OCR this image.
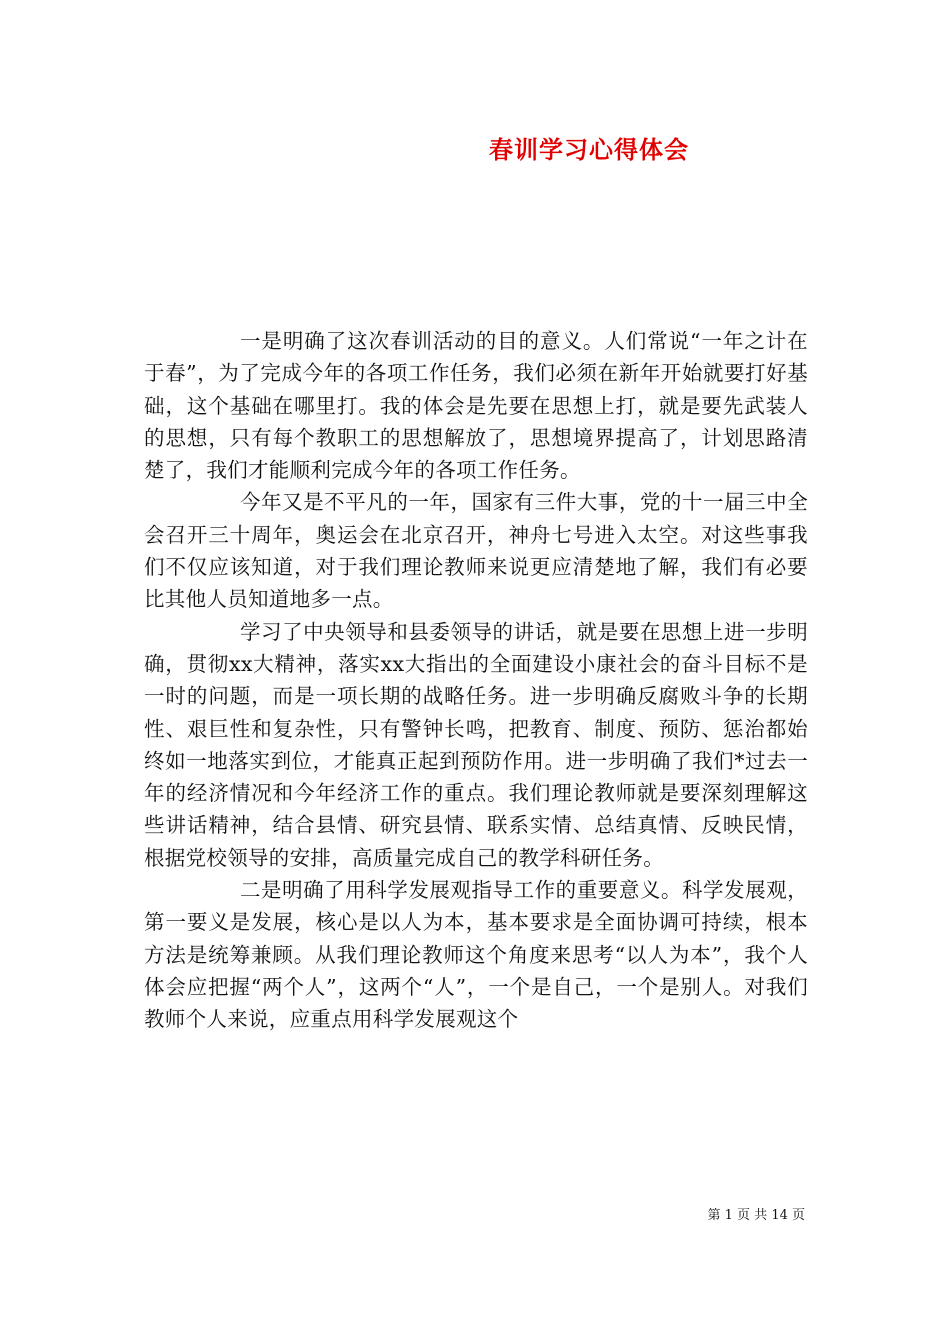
春训学习心得体会

一是明确了这次春训活动的目的意义。人们常说“一年之计在于春”，为了完成今年的各项工作任务，我们必须在新年开始就要打好基础，这个基础在哪里打。我的体会是先要在思想上打，就是要先武装人的思想，只有每个教职工的思想解放了，思想境界提高了，计划思路清楚了，我们才能顺利完成今年的各项工作任务。

今年又是不平凡的一年，国家有三件大事，党的十一届三中全会召开三十周年，奥运会在北京召开，神舟七号进入太空。对这些事我们不仅应该知道，对于我们理论教师来说更应清楚地了解，我们有必要比其他人员知道地多一点。

学习了中央领导和县委领导的讲话，就是要在思想上进一步明确，贯彻xx大精神，落实xx大指出的全面建设小康社会的奋斗目标不是一时的问题，而是一项长期的战略任务。进一步明确反腐败斗争的长期性、艰巨性和复杂性，只有警钟长鸣，把教育、制度、预防、惩治都始终如一地落实到位，才能真正起到预防作用。进一步明确了我们*过去一年的经济情况和今年经济工作的重点。我们理论教师就是要深刻理解这些讲话精神，结合县情、研究县情、联系实情、总结真情、反映民情，根据党校领导的安排，高质量完成自己的教学科研任务。

二是明确了用科学发展观指导工作的重要意义。科学发展观，第一要义是发展，核心是以人为本，基本要求是全面协调可持续，根本方法是统筹兼顾。从我们理论教师这个角度来思考“以人为本”，我个人体会应把握“两个人”，这两个“人”，一个是自己，一个是别人。对我们教师个人来说，应重点用科学发展观这个

第 1 页 共 14 页
